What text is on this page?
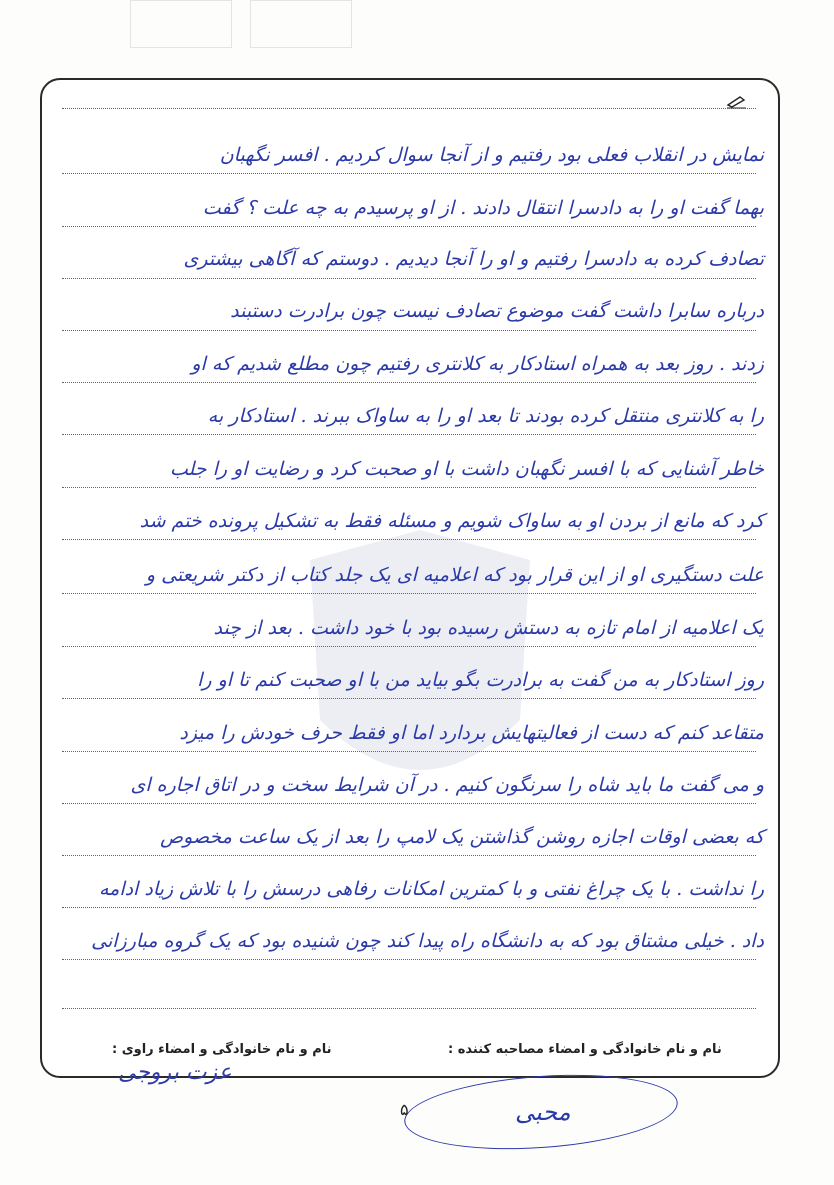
نمایش در انقلاب فعلی بود رفتیم و از آنجا سوال کردیم . افسر نگهبان
بهما گفت او را به دادسرا انتقال دادند . از او پرسیدم به چه علت ؟ گفت
تصادف کرده به دادسرا رفتیم و او را آنجا دیدیم . دوستم که آگاهی بیشتری
درباره سابرا داشت گفت موضوع تصادف نیست چون برادرت دستبند
زدند . روز بعد به همراه استادکار به کلانتری رفتیم چون مطلع شدیم که او
را به کلانتری منتقل کرده بودند تا بعد او را به ساواک ببرند . استادکار به
خاطر آشنایی که با افسر نگهبان داشت با او صحبت کرد و رضایت او را جلب
کرد که مانع از بردن او به ساواک شویم و مسئله فقط به تشکیل پرونده ختم شد
علت دستگیری او از این قرار بود که اعلامیه ای یک جلد کتاب از دکتر شریعتی و
یک اعلامیه از امام تازه به دستش رسیده بود با خود داشت . بعد از چند
روز استادکار به من گفت به برادرت بگو بیاید من با او صحبت کنم تا او را
متقاعد کنم که دست از فعالیتهایش بردارد اما او فقط حرف خودش را میزد
و می گفت ما باید شاه را سرنگون کنیم . در آن شرایط سخت و در اتاق اجاره ای
که بعضی اوقات اجازه روشن گذاشتن یک لامپ را بعد از یک ساعت مخصوص
را نداشت . با یک چراغ نفتی و با کمترین امکانات رفاهی درسش را با تلاش زیاد ادامه
داد . خیلی مشتاق بود که به دانشگاه راه پیدا کند چون شنیده بود که یک گروه مبارزانی
نام و نام خانوادگی و امضاء مصاحبه کننده :
نام و نام خانوادگی و امضاء راوی :
عزت بروجی
محبی
۵
